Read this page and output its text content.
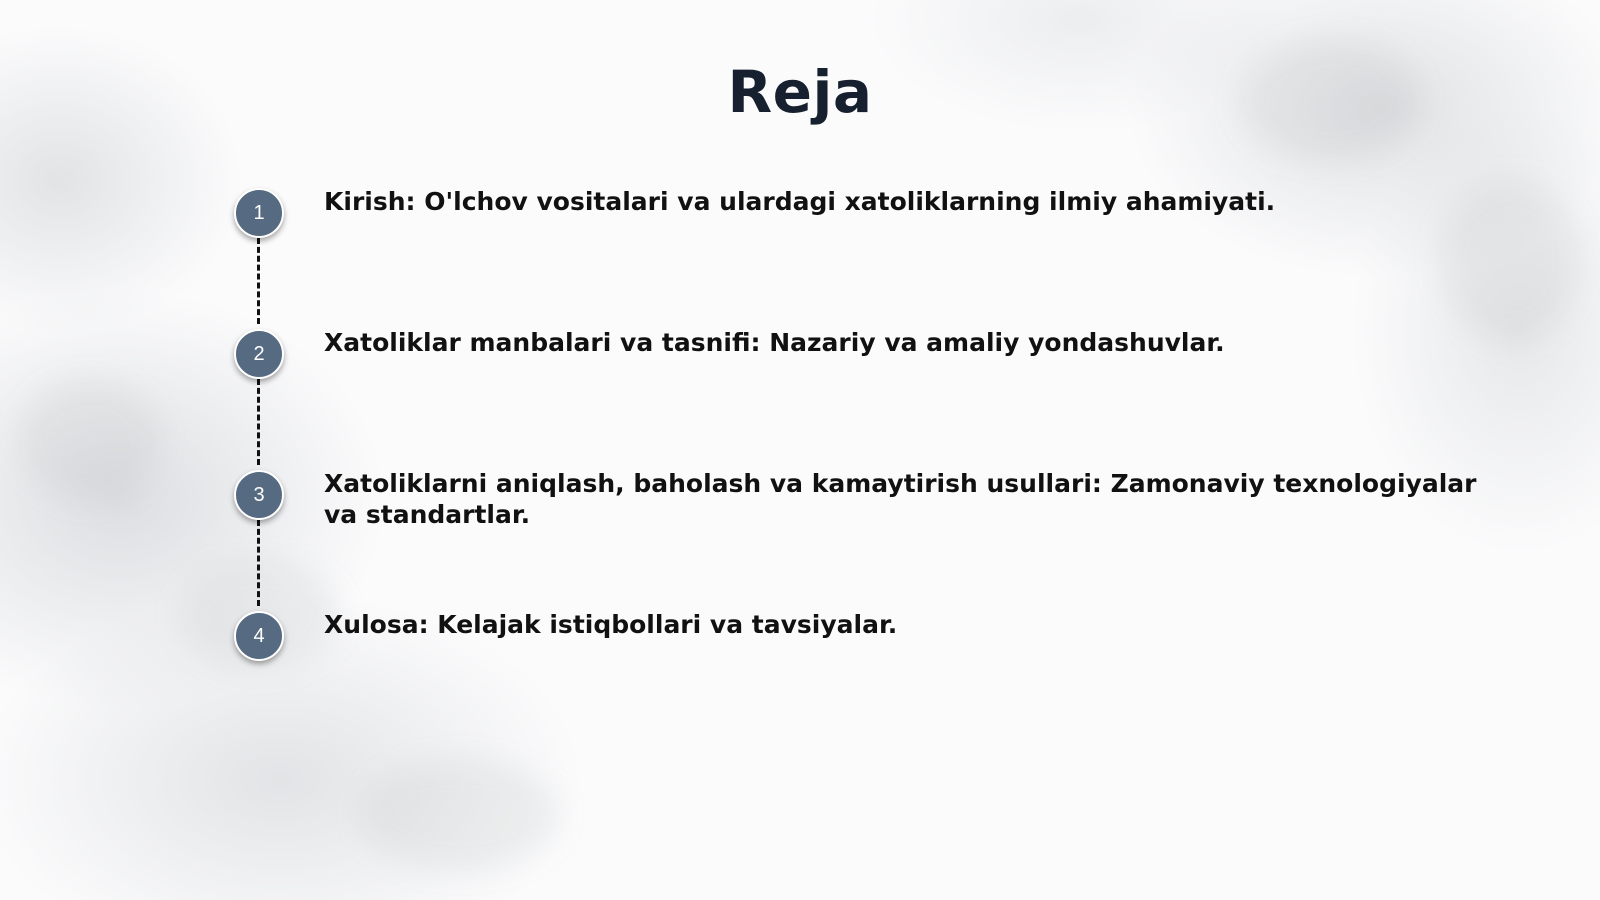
Reja
1	Kirish: O'lchov vositalari va ulardagi xatoliklarning ilmiy ahamiyati.
2	Xatoliklar manbalari va tasnifi: Nazariy va amaliy yondashuvlar.
3	Xatoliklarni aniqlash, baholash va kamaytirish usullari: Zamonaviy texnologiyalar va standartlar.
4	Xulosa: Kelajak istiqbollari va tavsiyalar.
